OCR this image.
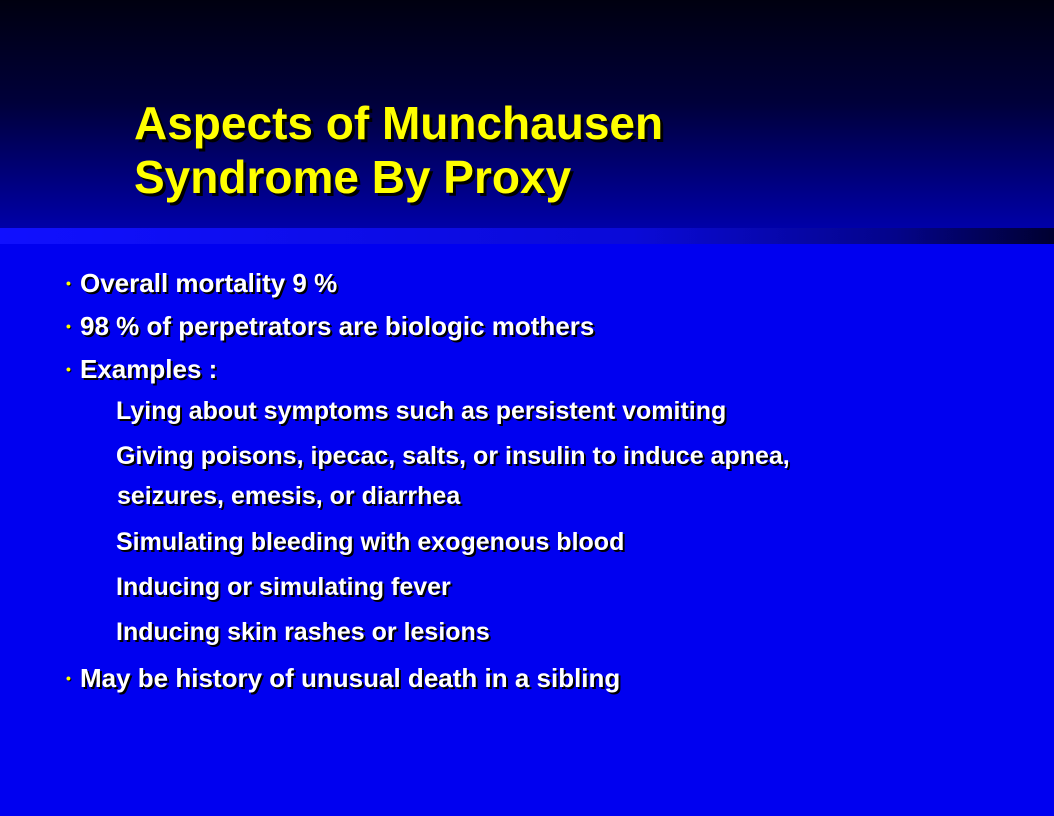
Aspects of Munchausen
Syndrome By Proxy
• Overall mortality 9 %
• 98 % of perpetrators are biologic mothers
• Examples :
Lying about symptoms such as persistent vomiting
Giving poisons, ipecac, salts, or insulin to induce apnea,
seizures, emesis, or diarrhea
Simulating bleeding with exogenous blood
Inducing or simulating fever
Inducing skin rashes or lesions
• May be history of unusual death in a sibling
